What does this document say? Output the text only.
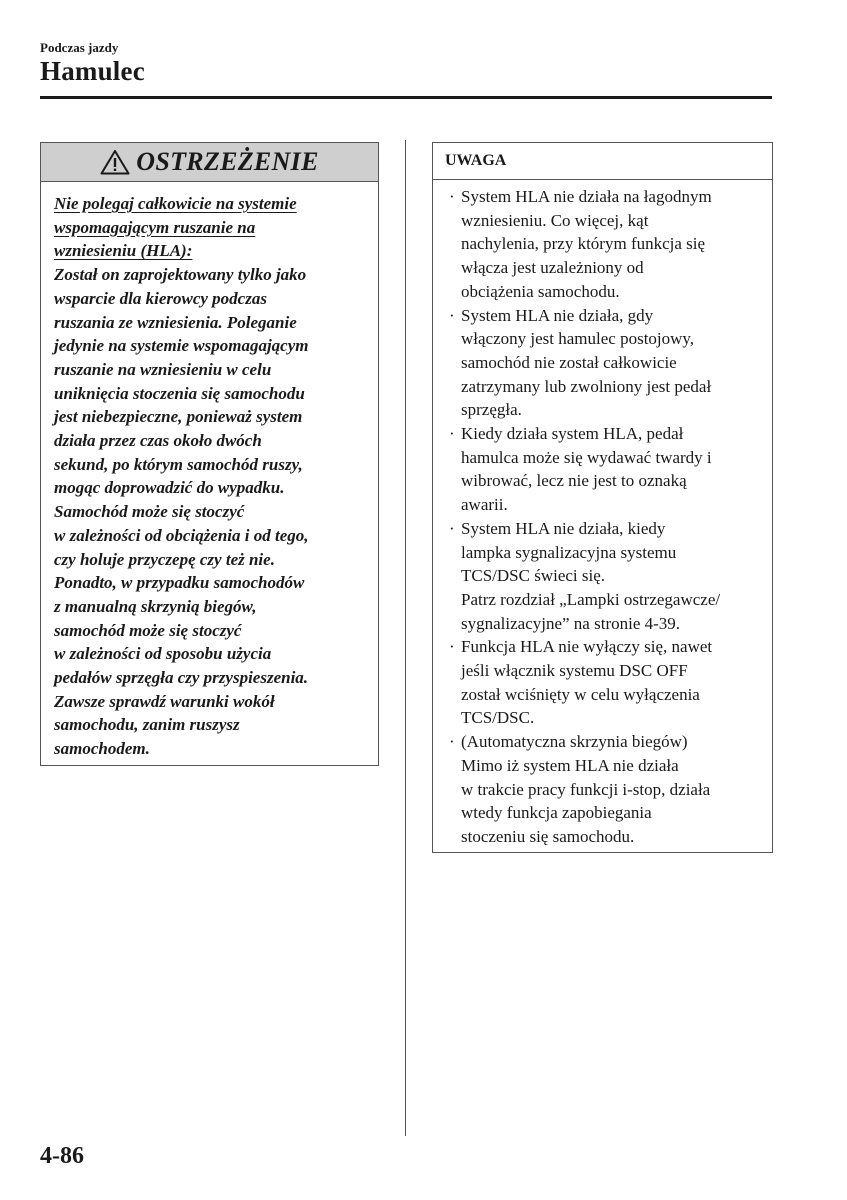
Podczas jazdy
Hamulec
OSTRZEŻENIE
Nie polegaj całkowicie na systemie
wspomagającym ruszanie na
wzniesieniu (HLA):
Został on zaprojektowany tylko jako
wsparcie dla kierowcy podczas
ruszania ze wzniesienia. Poleganie
jedynie na systemie wspomagającym
ruszanie na wzniesieniu w celu
uniknięcia stoczenia się samochodu
jest niebezpieczne, ponieważ system
działa przez czas około dwóch
sekund, po którym samochód ruszy,
mogąc doprowadzić do wypadku.
Samochód może się stoczyć
w zależności od obciążenia i od tego,
czy holuje przyczepę czy też nie.
Ponadto, w przypadku samochodów
z manualną skrzynią biegów,
samochód może się stoczyć
w zależności od sposobu użycia
pedałów sprzęgła czy przyspieszenia.
Zawsze sprawdź warunki wokół
samochodu, zanim ruszysz
samochodem.
UWAGA
· System HLA nie działa na łagodnym
wzniesieniu. Co więcej, kąt
nachylenia, przy którym funkcja się
włącza jest uzależniony od
obciążenia samochodu.
· System HLA nie działa, gdy
włączony jest hamulec postojowy,
samochód nie został całkowicie
zatrzymany lub zwolniony jest pedał
sprzęgła.
· Kiedy działa system HLA, pedał
hamulca może się wydawać twardy i
wibrować, lecz nie jest to oznaką
awarii.
· System HLA nie działa, kiedy
lampka sygnalizacyjna systemu
TCS/DSC świeci się.
Patrz rozdział „Lampki ostrzegawcze/
sygnalizacyjne” na stronie 4-39.
· Funkcja HLA nie wyłączy się, nawet
jeśli włącznik systemu DSC OFF
został wciśnięty w celu wyłączenia
TCS/DSC.
· (Automatyczna skrzynia biegów)
Mimo iż system HLA nie działa
w trakcie pracy funkcji i-stop, działa
wtedy funkcja zapobiegania
stoczeniu się samochodu.
4-86
